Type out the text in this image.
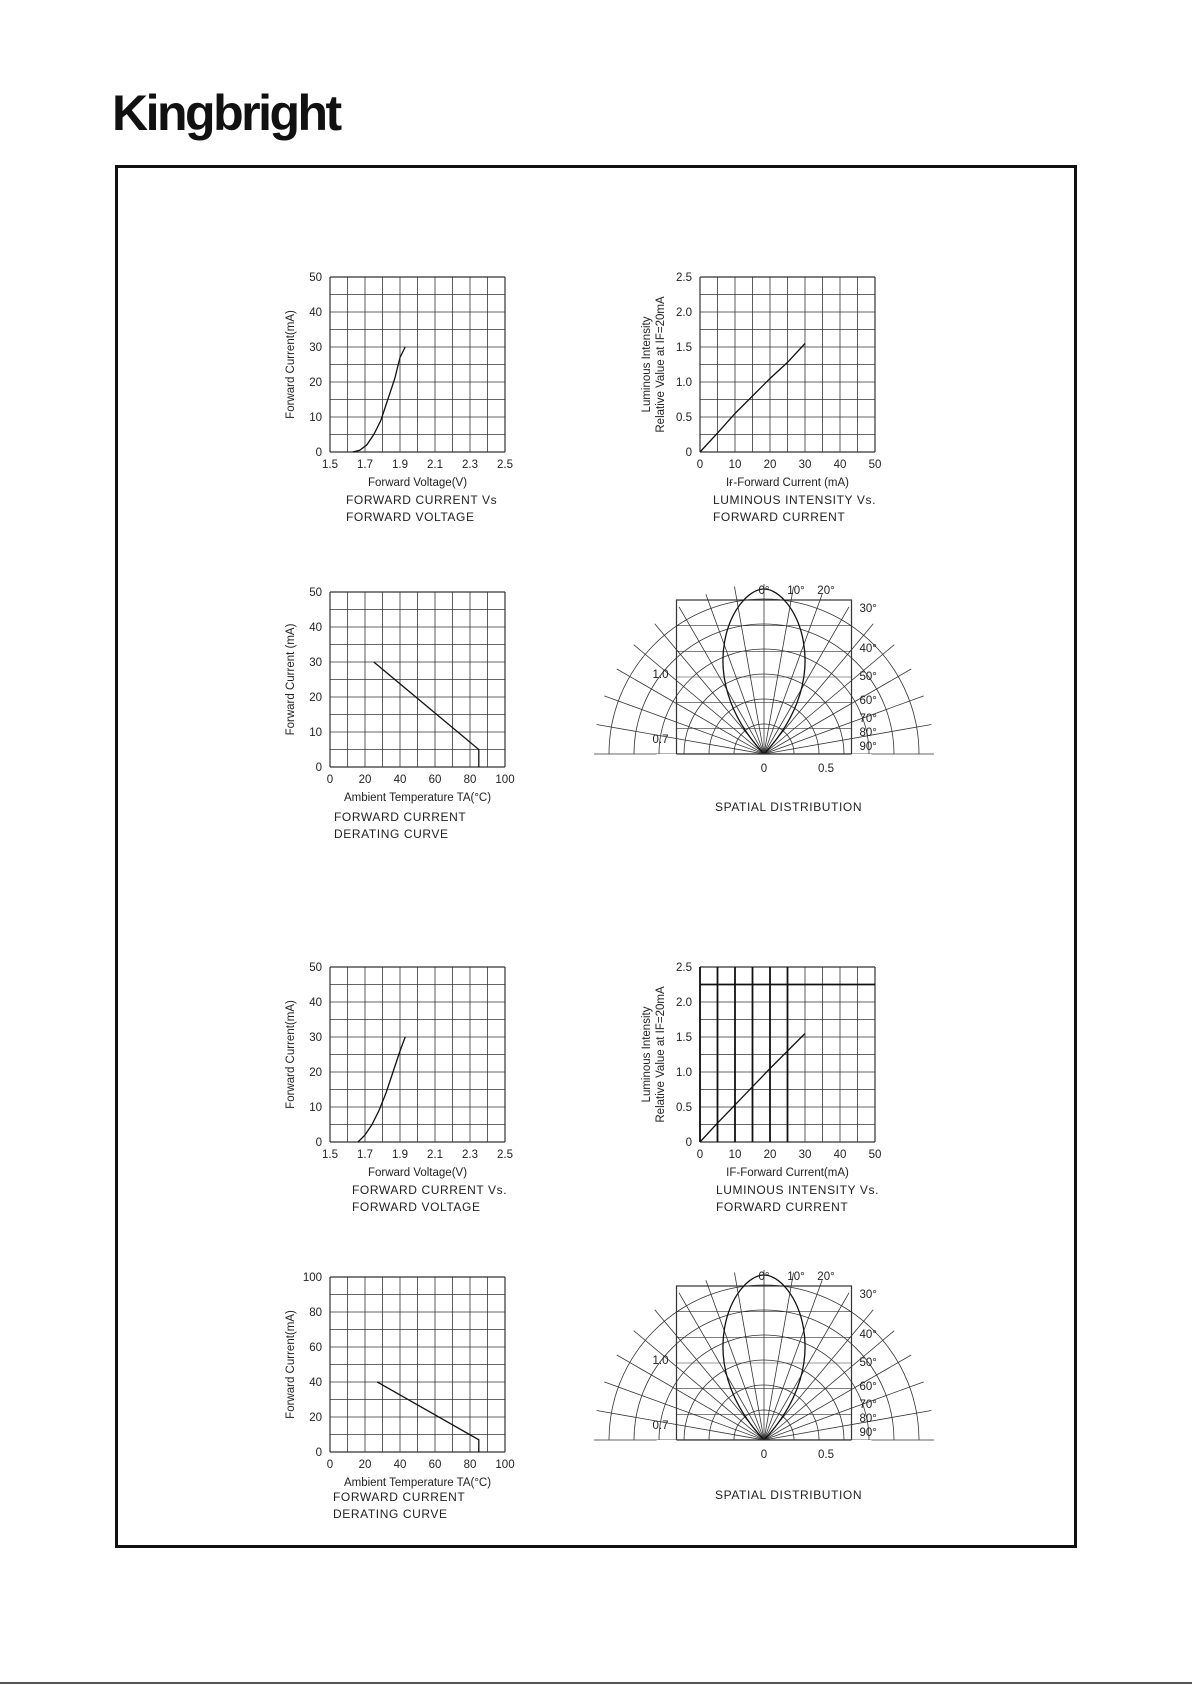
Kingbright
1.5 1.7 1.9 2.1 2.3 2.5
0
10
20
30
40
50
Forward Voltage(V)
Forward Current(mA)
FORWARD CURRENT Vs
FORWARD VOLTAGE
0 10 20 30 40 50
0
0.5
1.0
1.5
2.0
2.5
Iғ-Forward Current (mA)
Luminous Intensity Relative Value at IF=20mA
LUMINOUS INTENSITY Vs.
FORWARD CURRENT
0 20 40 60 80 100
0
10
20
30
40
50
Ambient Temperature TA(°C)
Forward Current (mA)
FORWARD CURRENT
DERATING CURVE
0° 10° 20°
30°
40°
50°
60°
70°
80°
90°
1.0
0.7
0	0.5
SPATIAL DISTRIBUTION
1.5 1.7 1.9 2.1 2.3 2.5
0
10
20
30
40
50
Forward Voltage(V)
Forward Current(mA)
FORWARD CURRENT Vs.
FORWARD VOLTAGE
0 10 20 30 40 50
0
0.5
1.0
1.5
2.0
2.5
IF-Forward Current(mA)
Luminous Intensity Relative Value at IF=20mA
LUMINOUS INTENSITY Vs.
FORWARD CURRENT
0 20 40 60 80 100
0
20
40
60
80
100
Ambient Temperature TA(°C)
Forward Current(mA)
FORWARD CURRENT
DERATING CURVE
0° 10° 20°
30°
40°
50°
60°
70°
80°
90°
1.0
0.7
0	0.5
SPATIAL DISTRIBUTION
